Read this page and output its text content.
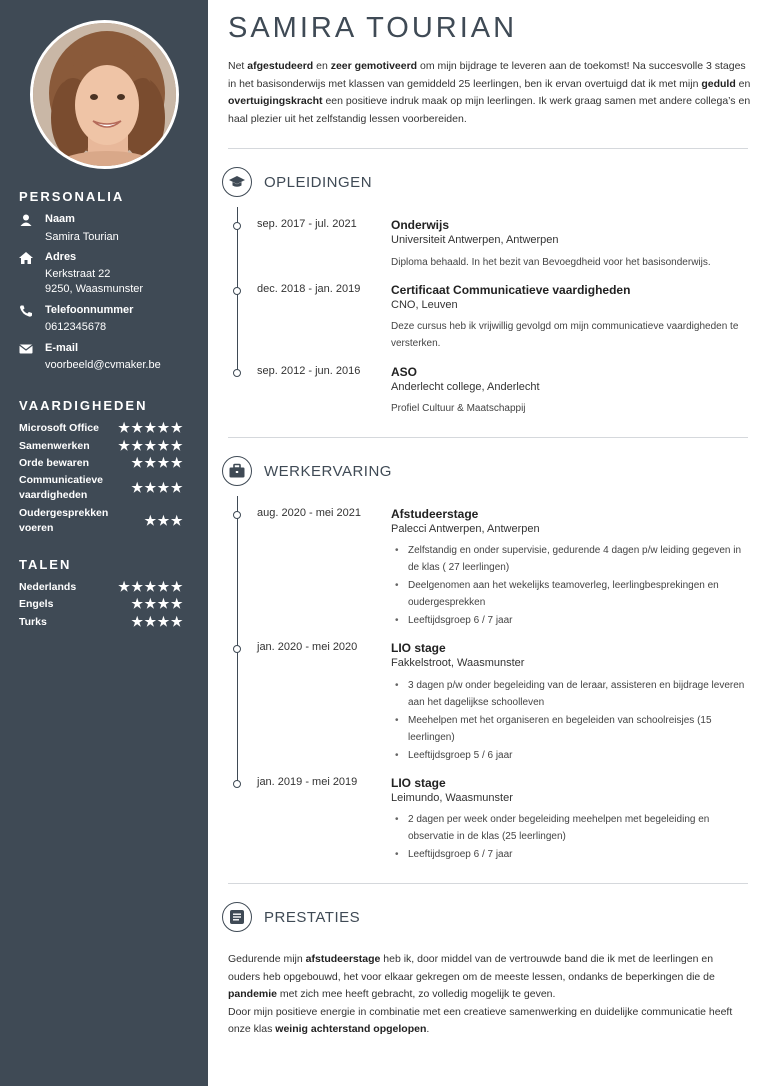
PERSONALIA
Naam
Samira Tourian
Adres
Kerkstraat 22
9250, Waasmunster
Telefoonnummer
0612345678
E-mail
voorbeeld@cvmaker.be
VAARDIGHEDEN
Microsoft Office	★★★★★
Samenwerken	★★★★★
Orde bewaren	★★★★
Communicatieve vaardigheden	★★★★
Oudergesprekken voeren	★★★
TALEN
Nederlands	★★★★★
Engels	★★★★
Turks	★★★★
SAMIRA TOURIAN

Net afgestudeerd en zeer gemotiveerd om mijn bijdrage te leveren aan de toekomst! Na succesvolle 3 stages in het basisonderwijs met klassen van gemiddeld 25 leerlingen, ben ik ervan overtuigd dat ik met mijn geduld en overtuigingskracht een positieve indruk maak op mijn leerlingen. Ik werk graag samen met andere collega’s en haal plezier uit het zelfstandig lessen voorbereiden.

OPLEIDINGEN
sep. 2017 - jul. 2021	Onderwijs
Universiteit Antwerpen, Antwerpen

Diploma behaald. In het bezit van Bevoegdheid voor het basisonderwijs.

dec. 2018 - jan. 2019	Certificaat Communicatieve vaardigheden
CNO, Leuven

Deze cursus heb ik vrijwillig gevolgd om mijn communicatieve vaardigheden te versterken.

sep. 2012 - jun. 2016	ASO
Anderlecht college, Anderlecht

Profiel Cultuur & Maatschappij

WERKERVARING
aug. 2020 - mei 2021	Afstudeerstage
Palecci Antwerpen, Antwerpen
• Zelfstandig en onder supervisie, gedurende 4 dagen p/w leiding gegeven in de klas ( 27 leerlingen)
• Deelgenomen aan het wekelijks teamoverleg, leerlingbesprekingen en oudergesprekken
• Leeftijdsgroep 6 / 7 jaar
jan. 2020 - mei 2020	LIO stage
Fakkelstroot, Waasmunster
• 3 dagen p/w onder begeleiding van de leraar, assisteren en bijdrage leveren aan het dagelijkse schoolleven
• Meehelpen met het organiseren en begeleiden van schoolreisjes (15 leerlingen)
• Leeftijdsgroep 5 / 6 jaar
jan. 2019 - mei 2019	LIO stage
Leimundo, Waasmunster
• 2 dagen per week onder begeleiding meehelpen met begeleiding en observatie in de klas (25 leerlingen)
• Leeftijdsgroep 6 / 7 jaar
PRESTATIES

Gedurende mijn afstudeerstage heb ik, door middel van de vertrouwde band die ik met de leerlingen en ouders heb opgebouwd, het voor elkaar gekregen om de meeste lessen, ondanks de beperkingen die de pandemie met zich mee heeft gebracht, zo volledig mogelijk te geven.
Door mijn positieve energie in combinatie met een creatieve samenwerking en duidelijke communicatie heeft onze klas weinig achterstand opgelopen.
